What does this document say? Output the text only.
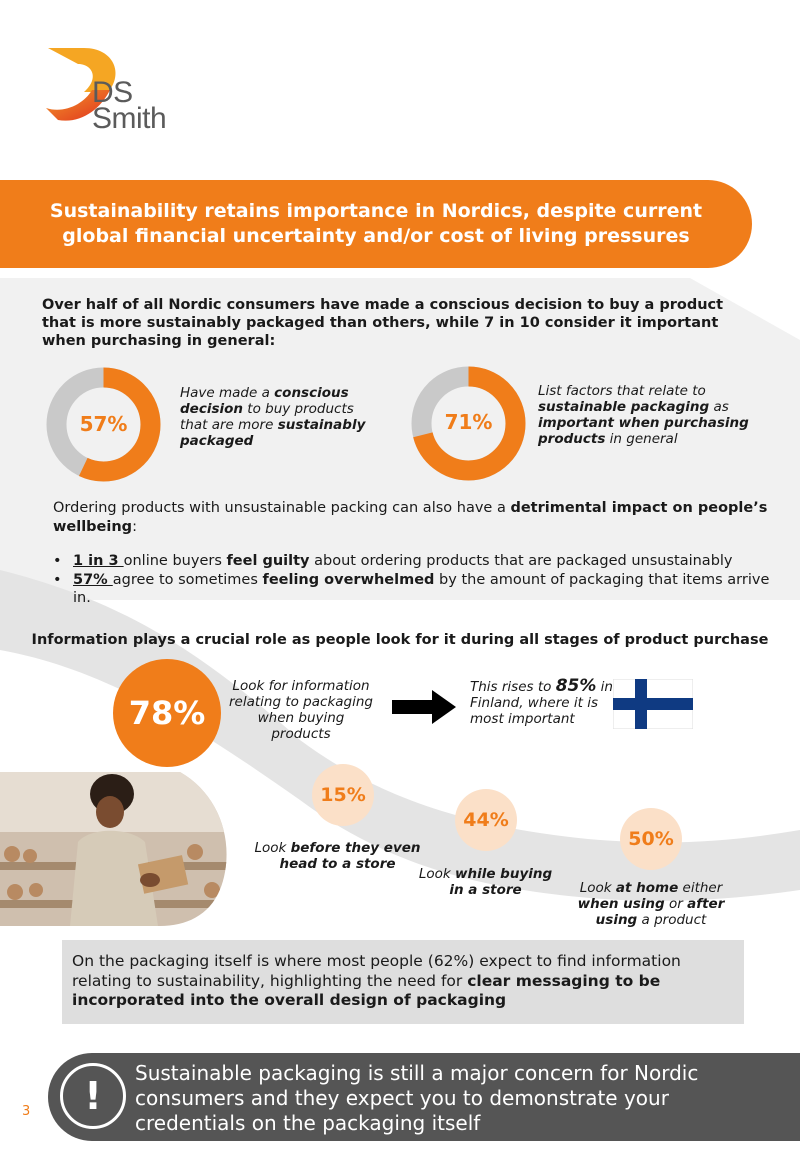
DS
Smith
Sustainability retains importance in Nordics, despite current global financial uncertainty and/or cost of living pressures
Over half of all Nordic consumers have made a conscious decision to buy a product that is more sustainably packaged than others, while 7 in 10 consider it important when purchasing in general:
57%
Have made a conscious decision to buy products that are more sustainably packaged
71%
List factors that relate to sustainable packaging as important when purchasing products in general
Ordering products with unsustainable packing can also have a detrimental impact on people’s wellbeing:
• 1 in 3 online buyers feel guilty about ordering products that are packaged unsustainably
• 57% agree to sometimes feeling overwhelmed by the amount of packaging that items arrive in.
Information plays a crucial role as people look for it during all stages of product purchase
78%
Look for information relating to packaging when buying products
This rises to 85% in Finland, where it is most important
15%
44%
50%
Look before they even head to a store
Look while buying in a store	Look at home either when using or after using a product
On the packaging itself is where most people (62%) expect to find information relating to sustainability, highlighting the need for clear messaging to be incorporated into the overall design of packaging
!
Sustainable packaging is still a major concern for Nordic consumers and they expect you to demonstrate your credentials on the packaging itself
3
